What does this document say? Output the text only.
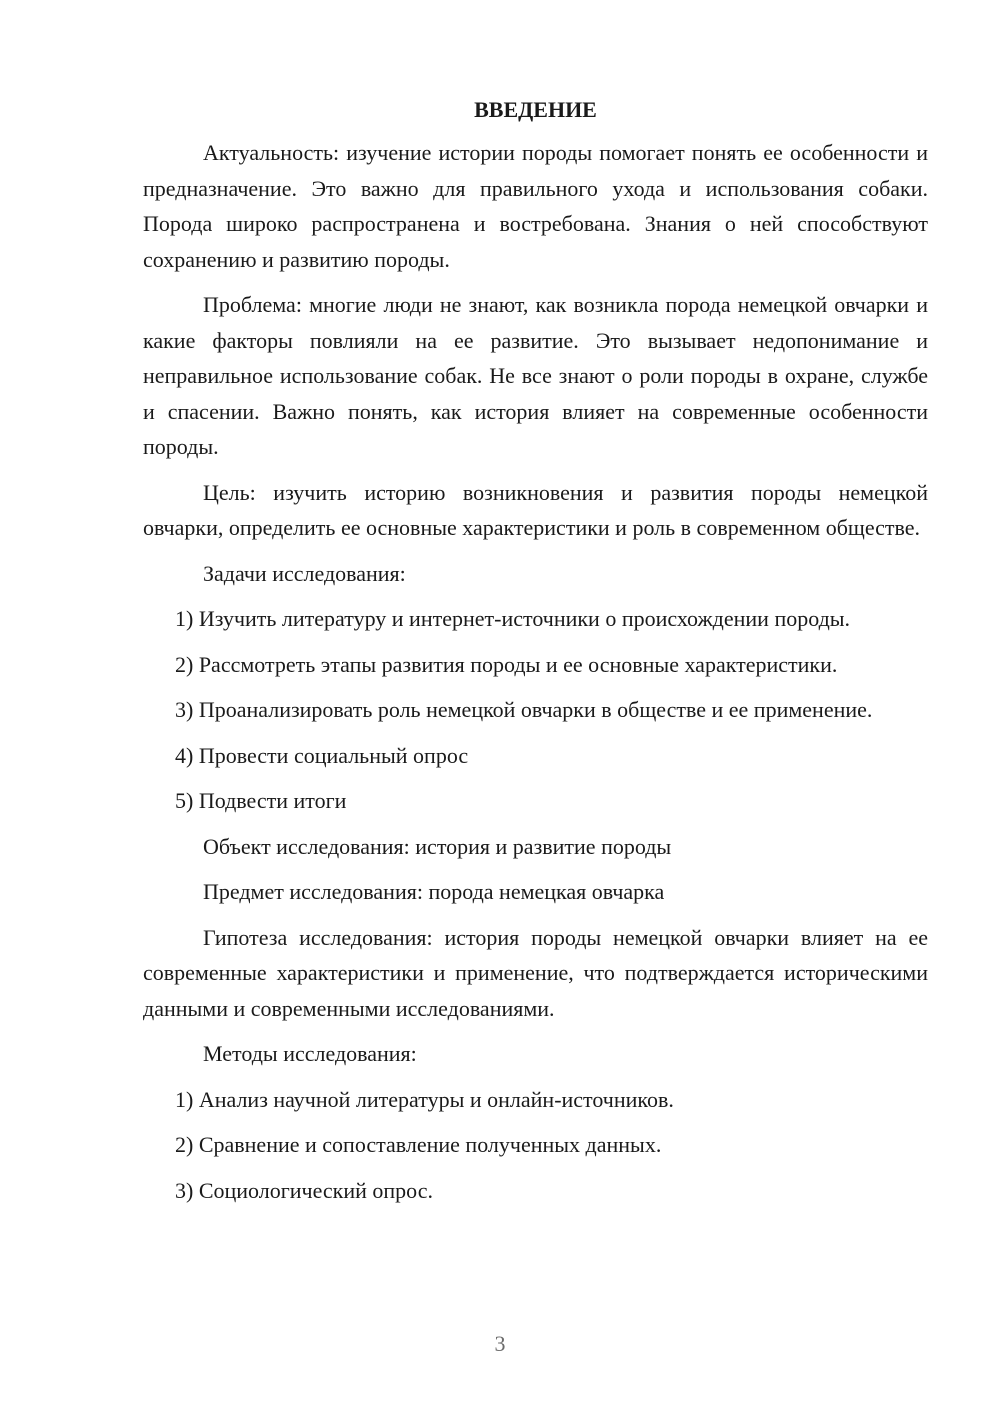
ВВЕДЕНИЕ

Актуальность: изучение истории породы помогает понять ее особенности и предназначение. Это важно для правильного ухода и использования собаки. Порода широко распространена и востребована. Знания о ней способствуют сохранению и развитию породы.

Проблема: многие люди не знают, как возникла порода немецкой овчарки и какие факторы повлияли на ее развитие. Это вызывает недопонимание и неправильное использование собак. Не все знают о роли породы в охране, службе и спасении. Важно понять, как история влияет на современные особенности породы.

Цель: изучить историю возникновения и развития породы немецкой овчарки, определить ее основные характеристики и роль в современном обществе.

Задачи исследования:

1) Изучить литературу и интернет-источники о происхождении породы.

2) Рассмотреть этапы развития породы и ее основные характеристики.

3) Проанализировать роль немецкой овчарки в обществе и ее применение.

4) Провести социальный опрос

5) Подвести итоги

Объект исследования: история и развитие породы

Предмет исследования: порода немецкая овчарка

Гипотеза исследования: история породы немецкой овчарки влияет на ее современные характеристики и применение, что подтверждается историческими данными и современными исследованиями.

Методы исследования:

1) Анализ научной литературы и онлайн-источников.

2) Сравнение и сопоставление полученных данных.

3) Социологический опрос.

3
